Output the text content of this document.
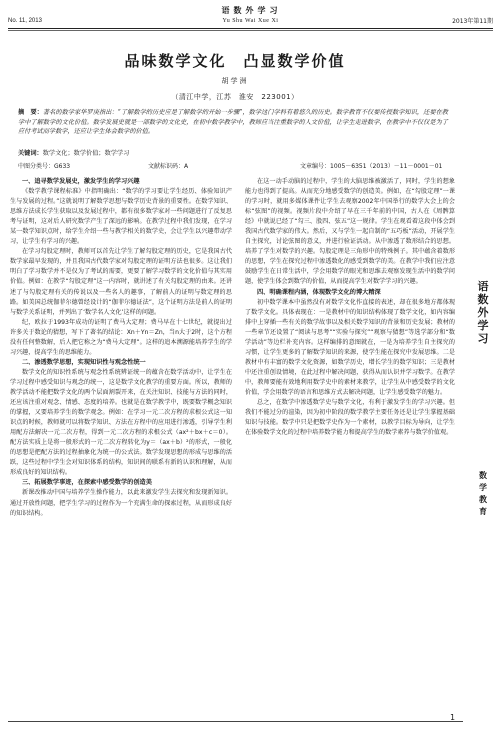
语数外学习
No. 11, 2013	Yu Shu Wai Xue Xi	2013年第11期
品味数学文化　凸显数学价值
胡学洲
（清江中学，江苏　淮安　223001）
摘　要：著名的数学家华罗庚指出：“了解数学的历史应是了解数学的开始一步骤”，数学这门学科有着悠久的历史。数学教育不仅要传授数学知识，还要在教学中了解数学的文化价值。数学发展史就是一部数学的文化史，在初中数学教学中，教师应当注重数学的人文价值，让学生走进数学，在教学中不仅仅是为了应付考试而学数学，还应让学生体会数学的价值。
关键词：数学文化；数学价值；数学学习
中图分类号：G633	文献标识码：A	文章编号：1005－6351（2013）－11－0001－01
一、追寻数学发展史，激发学生的学习兴趣

《数学教学课程标准》中指明确出：“数学的学习要让学生经历、体验知识产生与发展的过程。”这就说明了解数学思想与数学历史背景的重要性。在数学知识、思维方法成长学生获取以及发展过程中，都有很多数学家对一些问题进行了反复思考与证明，这对后人研究数学产生了深远的影响。在教学过程中我们发现，在学习某一数学知识点时，给学生介绍一些与教学相关的数学史，会让学生以兴趣带动学习，让学生有学习的兴趣。

在学习勾股定理时，教师可以首先让学生了解勾股定理的历史，它是我国古代数学家最早发现的，并且我国古代数学家对勾股定理的证明方法也很多。这让我们明白了学习数学并不是仅为了考试的需要，更要了解学习数学的文化价值与其实用价值。例如：在教学“勾股定理”这一内容时，就讲述了有关勾股定理的由来。还讲述了与勾股定理有关的传说以及一些名人的趣事，了解前人的证明与数定理的思路。如美国总统伽菲尔德曾经设计的“伽菲尔德证法”，这个证明方法是前人的证明与数学关系证明，并列出了‘数学名人文化’这样的问题。

纪，欧拉于1993年成功的证明了费马大定理；费马早在十七世纪，就提出过许多关于数论的猜想，写下了著名的结论：Xn＋Yn＝Zn，当n大于2时，这个方程没有任何整数解，后人把它称之为“费马大定理”。这样的追本溯源能培养学生的学习兴趣，提高学生的思维能力。

二、渗透数学思想，实现知识性与观念性统一

数学文化的知识性系统与观念性系统辨证统一的蕴含在数学活动中，让学生在学习过程中感受知识与观念的统一，这是数学文化教学的重要方面。所以，教师的教学活动不能把数学文化的两个层面割裂开来，在关注知识、技能与方法的同时，还应该注重对观念、情感、态度的培养。也就是在数学教学中，既要数学概念知识的掌握，又要培养学生的数学观念。例如：在学习一元二次方程的求根公式这一知识点的时候，教师就可以将数学知识、方法在方程中的应用进行渗透，引导学生利用配方法解决一元二次方程，得到一元二次方程的求根公式（ax²＋bx＋c＝0）。配方法实质上是将一般形式的一元二次方程转化为y＝（ax＋b）²的形式，一般化的思想是把配方法的过程抽象化为统一的公式法。数学发现思想的形成与思维的活跃，这些过程中学生会对知识体系的结构，知识间的联系有新的认识和理解，从而形成良好的知识结构。

三、拓展数学事迹，在探索中感受数学的创造美

新课改推动中国与培养学生操作能力，以此来激发学生去探究和发现新知识。通过开放性问题，把学生学习的过程作为一个充满生命的探索过程，从而形成良好的知识结构。

在这一动手动脑的过程中，学生的大脑思维被激活了，同时，学生的想象能力也得到了提高。从而充分地感受数学的创造美。例如，在“勾股定理”一课的学习时，就用多媒体课件让学生去观察2002年中国举行的数学大会上的会标“弦图”的视频。视频片段中介绍了早在三千年前的中国，古人在《周髀算经》中就说已经了“勾三、股四、弦五”这一规律。学生在观看着这段中体会到我国古代数学家的伟大。然后，又与学生一起自制的“五巧板”活动，开展学生自主探究，讨论弦图的意义，并进行验证活动。从中渗透了数形结合的思想。培养了学生对数学的兴趣。勾股定理是三角形中的特殊例子。其中蕴含着数形的思想，学生在探究过程中渗透数化的感受到数学的美。在教学中我们应注意鼓励学生在日常生活中，学会用数学的眼光和思维去观察发现生活中的数学问题，使学生体会到数学的价值，从而提高学生对数学学习的兴趣。

四、明确课程内涵，体现数学文化的博大精深

初中数学课本中虽然没有对数学文化作直接的表述，却在很多地方都体现了数学文化。具体表现在：一是教材中的知识结构体现了数学文化，如内容编排中上穿插一些有关的数学故事以及相关数学知识的背景和历史发展；教材的一些章节还设置了“阅读与思考”“实验与探究”“观察与猜想”等选学部分和“数学活动”等边栏补充内容。这样编排的意图就在，一是为培养学生自主探究的习惯，让学生更多的了解数学知识的来源，使学生能在探究中发展思维。二是教材中有丰富的数学文化资源，如数学历史，增长学生的数学知识；三是教材中还注重创设情境，在此过程中解决问题，获得从而认识并学习数学。在教学中，教师要能有效地利用数学史中的素材来教学，让学生从中感受数学的文化价值，学会用数学的语言和思维方式去解决问题，让学生感受数学的魅力。

总之，在数学中渗透数学史与数学文化，有利于激发学生的学习兴趣。但我们不能过分的渲染，因为初中阶段的数学教学主要任务还是让学生掌握基础知识与技能。数学中只是把数学史作为一个素材，以教学目标为导向，让学生在体验数学文化的过程中培养数学能力和提高学生的数学素养与数学价值观。

语
数
外
学
习
数
学
教
育
1
